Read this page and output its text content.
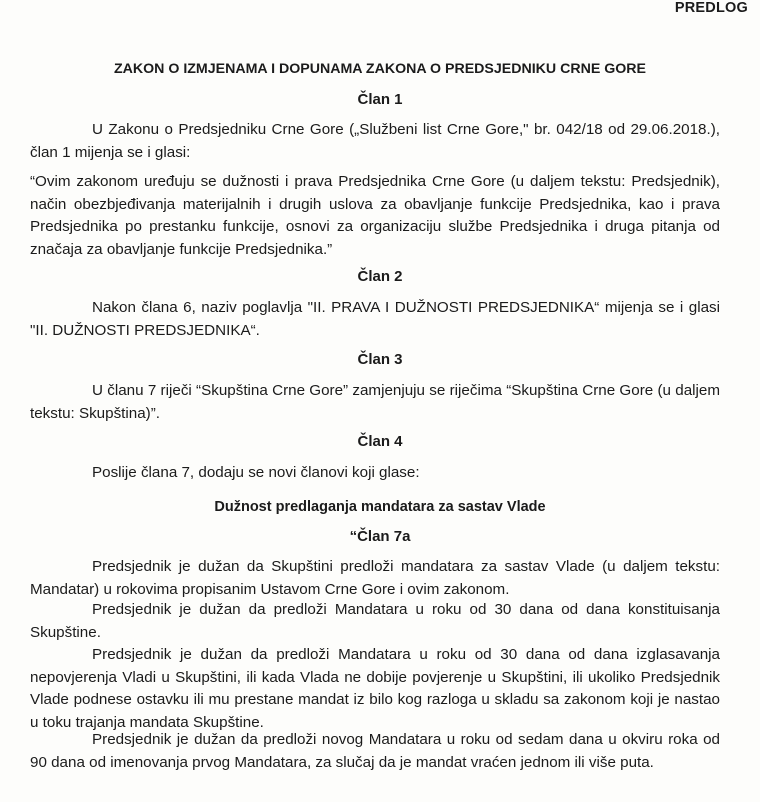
PREDLOG
ZAKON O IZMJENAMA I DOPUNAMA ZAKONA O PREDSJEDNIKU CRNE GORE
Član 1
U Zakonu o Predsjedniku Crne Gore („Službeni list Crne Gore," br. 042/18 od 29.06.2018.), član 1 mijenja se i glasi:
“Ovim zakonom uređuju se dužnosti i prava Predsjednika Crne Gore (u daljem tekstu: Predsjednik), način obezbjeđivanja materijalnih i drugih uslova za obavljanje funkcije Predsjednika, kao i prava Predsjednika po prestanku funkcije, osnovi za organizaciju službe Predsjednika i druga pitanja od značaja za obavljanje funkcije Predsjednika.”
Član 2
Nakon člana 6, naziv poglavlja "II. PRAVA I DUŽNOSTI PREDSJEDNIKA“ mijenja se i glasi "II. DUŽNOSTI PREDSJEDNIKA“.
Član 3
U članu 7 riječi “Skupština Crne Gore” zamjenjuju se riječima “Skupština Crne Gore (u daljem tekstu: Skupština)”.
Član 4
Poslije člana 7, dodaju se novi članovi koji glase:
Dužnost predlaganja mandatara za sastav Vlade
“Član 7a
Predsjednik je dužan da Skupštini predloži mandatara za sastav Vlade (u daljem tekstu: Mandatar) u rokovima propisanim Ustavom Crne Gore i ovim zakonom.
Predsjednik je dužan da predloži Mandatara u roku od 30 dana od dana konstituisanja Skupštine.
Predsjednik je dužan da predloži Mandatara u roku od 30 dana od dana izglasavanja nepovjerenja Vladi u Skupštini, ili kada Vlada ne dobije povjerenje u Skupštini, ili ukoliko Predsjednik Vlade podnese ostavku ili mu prestane mandat iz bilo kog razloga u skladu sa zakonom koji je nastao u toku trajanja mandata Skupštine.
Predsjednik je dužan da predloži novog Mandatara u roku od sedam dana u okviru roka od 90 dana od imenovanja prvog Mandatara, za slučaj da je mandat vraćen jednom ili više puta.
